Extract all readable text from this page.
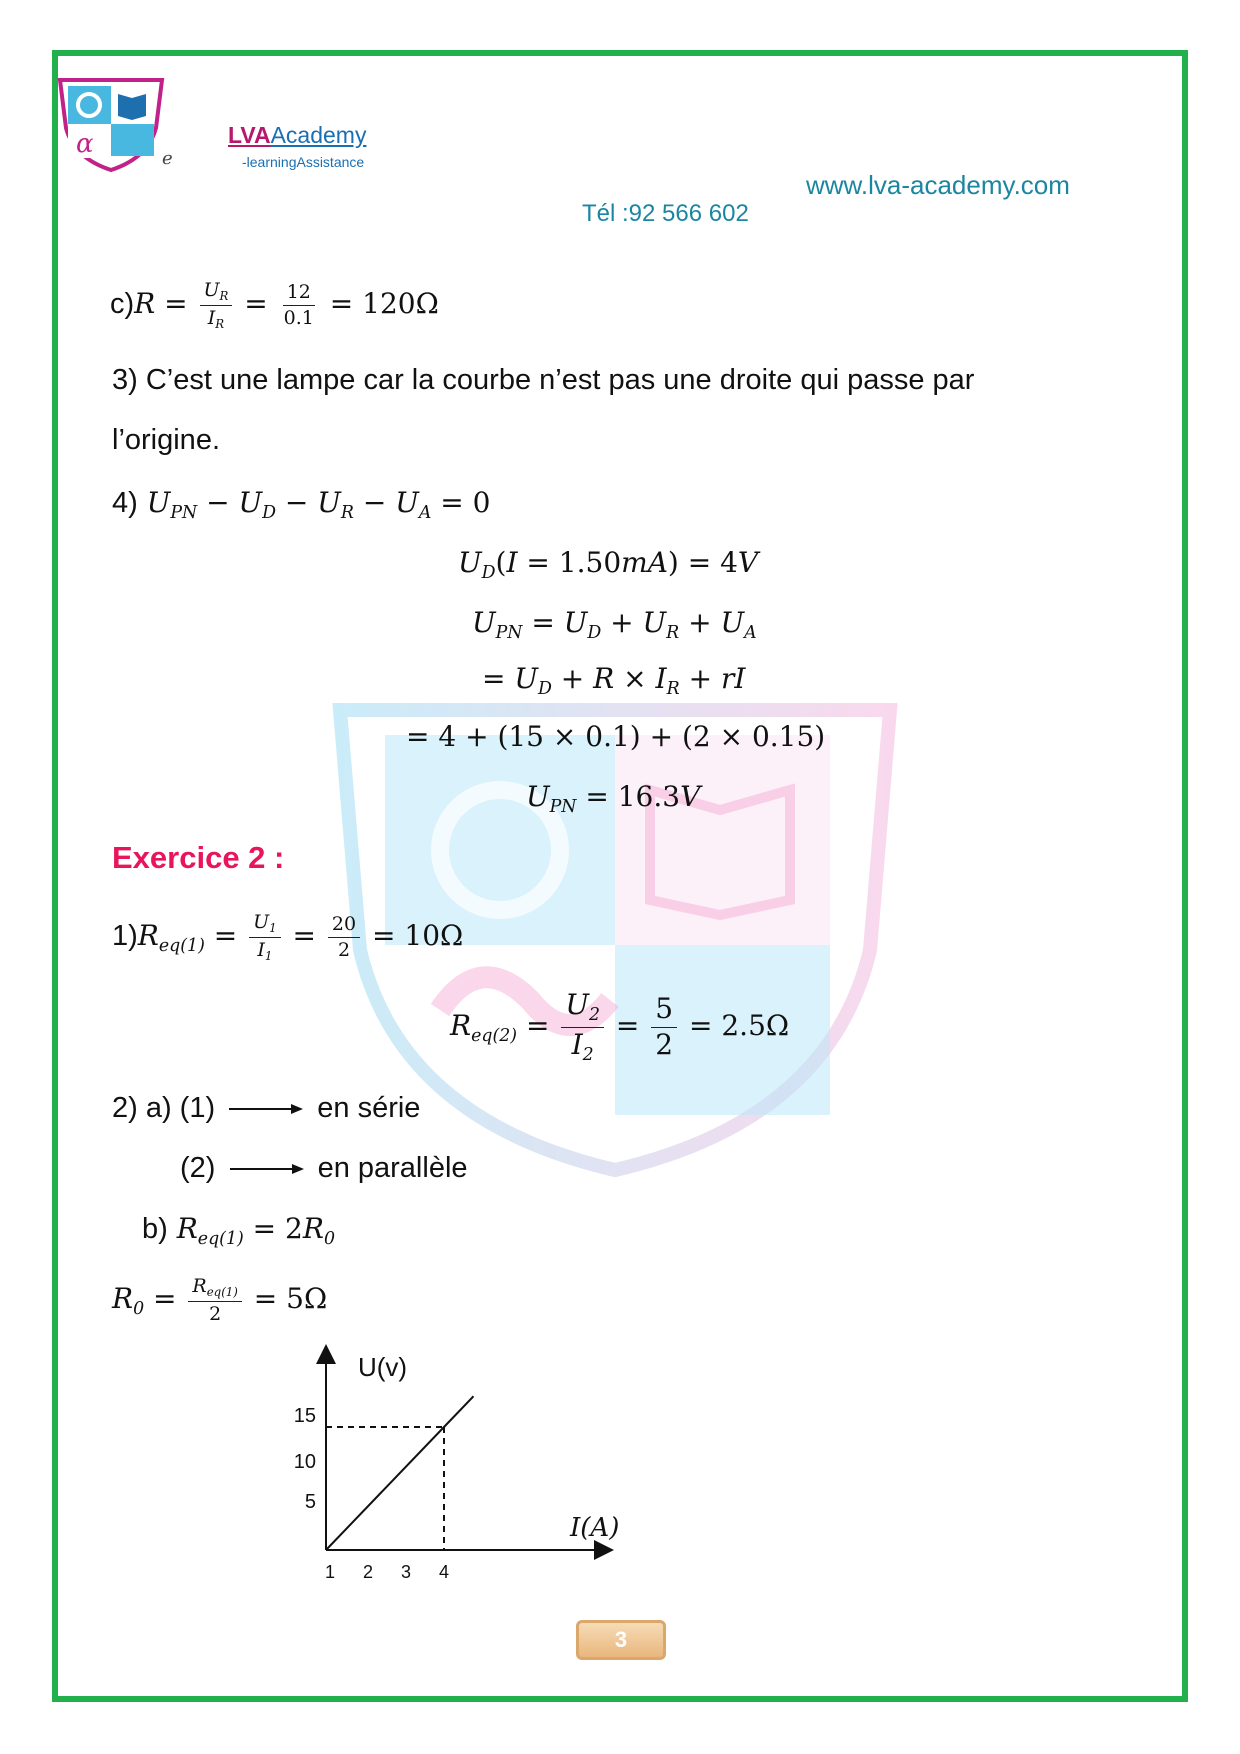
α	e
LVAAcademy
-learningAssistance
www.lva-academy.com
Tél :92 566 602
$c)R = \frac{U_R}{I_R} = \frac{12}{0.1} = 120\Omega$
3) C’est une lampe car la courbe n’est pas une droite qui passe par
l’origine.
4) $U_{PN} - U_D - U_R - U_A = 0$
$U_D(I = 1.50mA) = 4V$
$U_{PN} = U_D + U_R + U_A$
= $U_D + R \times I_R$ + rI
= 4 + (15 × 0.1) + (2 × 0.15)
$U_{PN} = 16.3V$
Exercice 2 :
$1)R_{eq(1)} = \frac{U_1}{I_1} = \frac{20}{2} = 10\Omega$
$R_{eq(2)} = \frac{U_2}{I_2} = \frac{5}{2} = 2.5\Omega$
2) a) (1)	en série
(2)	en parallèle
b) $R_{eq(1)} = 2R_0$
$R_0 = \frac{R_{eq(1)}}{2} = 5\Omega$
5
10
15
1 2 3 4
U(v)
I(A)
3
